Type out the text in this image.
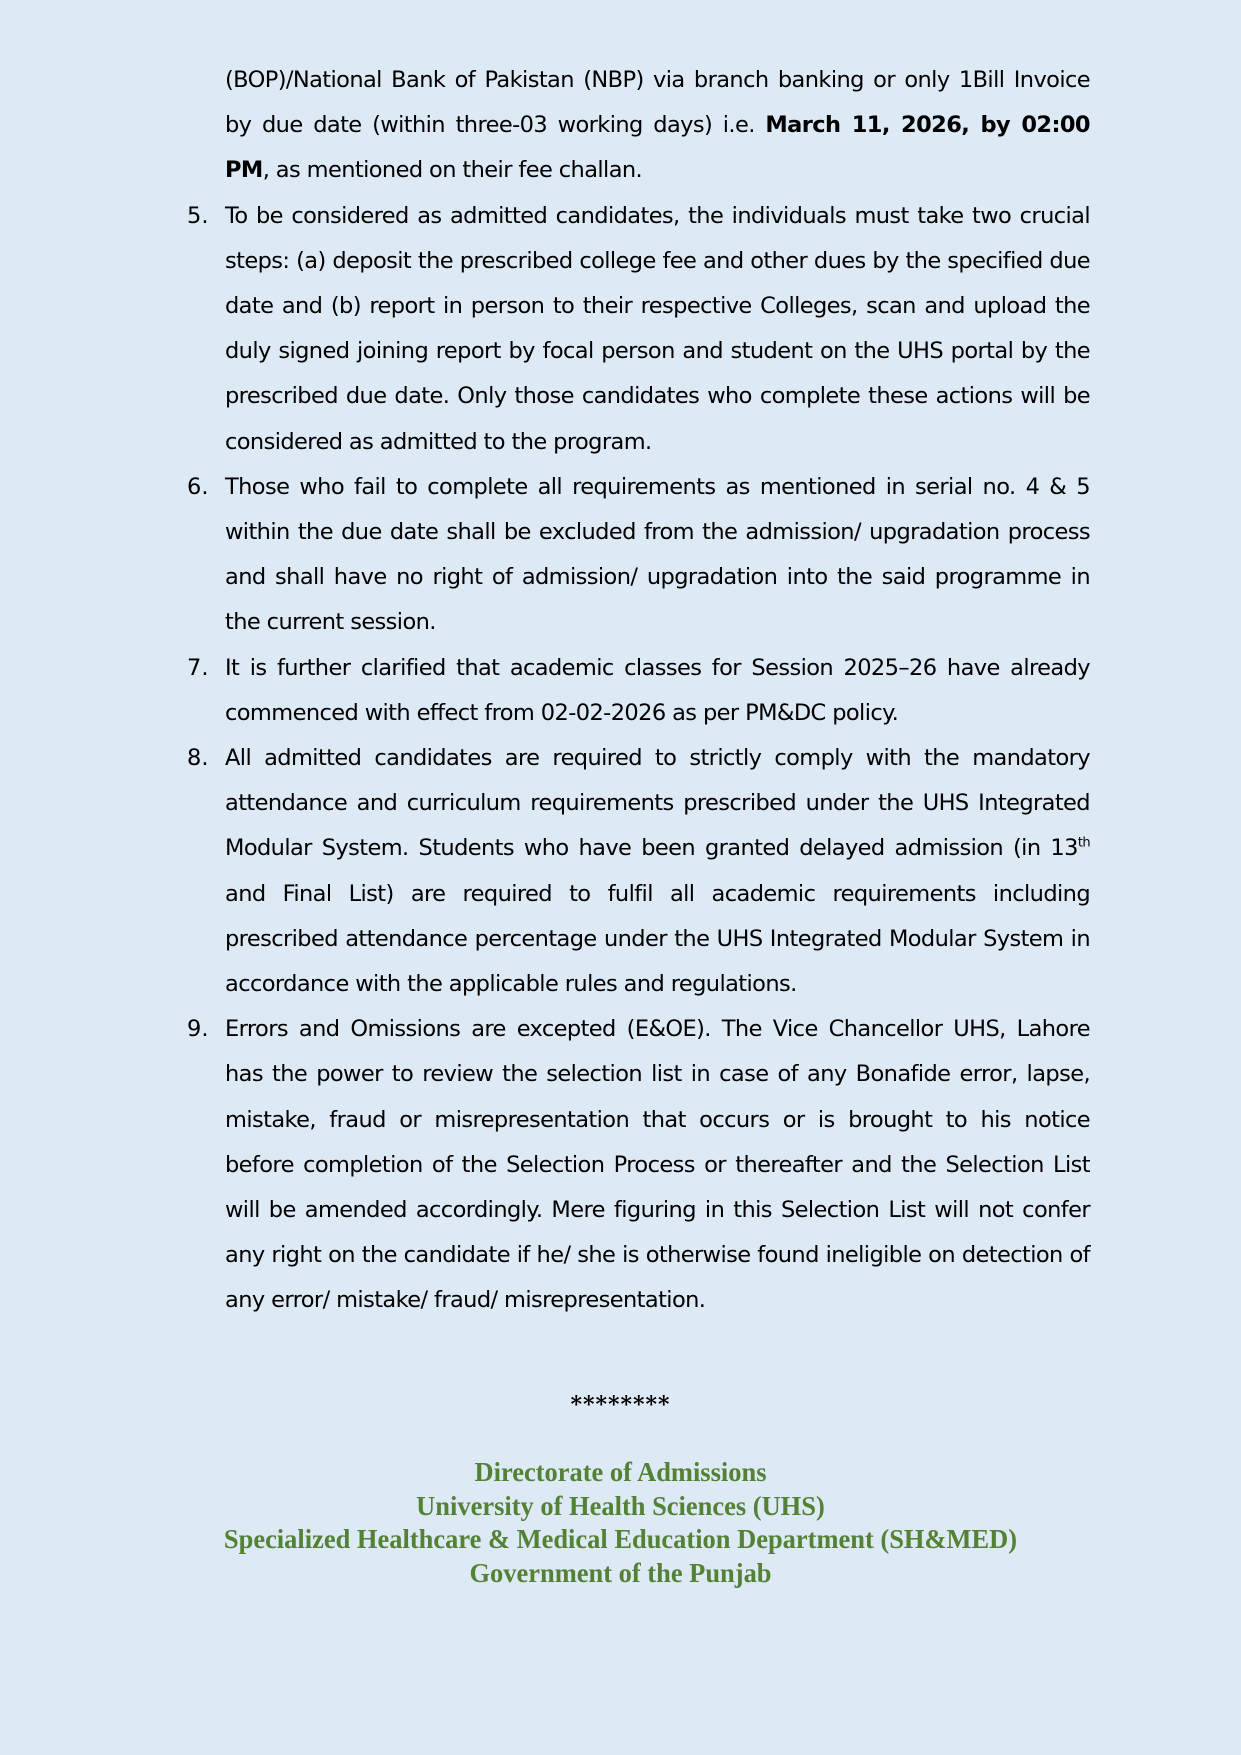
(BOP)/National Bank of Pakistan (NBP) via branch banking or only 1Bill Invoice by due date (within three-03 working days) i.e. March 11, 2026, by 02:00 PM, as mentioned on their fee challan.

5. To be considered as admitted candidates, the individuals must take two crucial steps: (a) deposit the prescribed college fee and other dues by the specified due date and (b) report in person to their respective Colleges, scan and upload the duly signed joining report by focal person and student on the UHS portal by the prescribed due date. Only those candidates who complete these actions will be considered as admitted to the program.

6. Those who fail to complete all requirements as mentioned in serial no. 4 & 5 within the due date shall be excluded from the admission/ upgradation process and shall have no right of admission/ upgradation into the said programme in the current session.

7. It is further clarified that academic classes for Session 2025–26 have already commenced with effect from 02-02-2026 as per PM&DC policy.

8. All admitted candidates are required to strictly comply with the mandatory attendance and curriculum requirements prescribed under the UHS Integrated Modular System. Students who have been granted delayed admission (in 13th and Final List) are required to fulfil all academic requirements including prescribed attendance percentage under the UHS Integrated Modular System in accordance with the applicable rules and regulations.

9. Errors and Omissions are excepted (E&OE). The Vice Chancellor UHS, Lahore has the power to review the selection list in case of any Bonafide error, lapse, mistake, fraud or misrepresentation that occurs or is brought to his notice before completion of the Selection Process or thereafter and the Selection List will be amended accordingly. Mere figuring in this Selection List will not confer any right on the candidate if he/ she is otherwise found ineligible on detection of any error/ mistake/ fraud/ misrepresentation.

********
Directorate of Admissions
University of Health Sciences (UHS)
Specialized Healthcare & Medical Education Department (SH&MED)
Government of the Punjab
